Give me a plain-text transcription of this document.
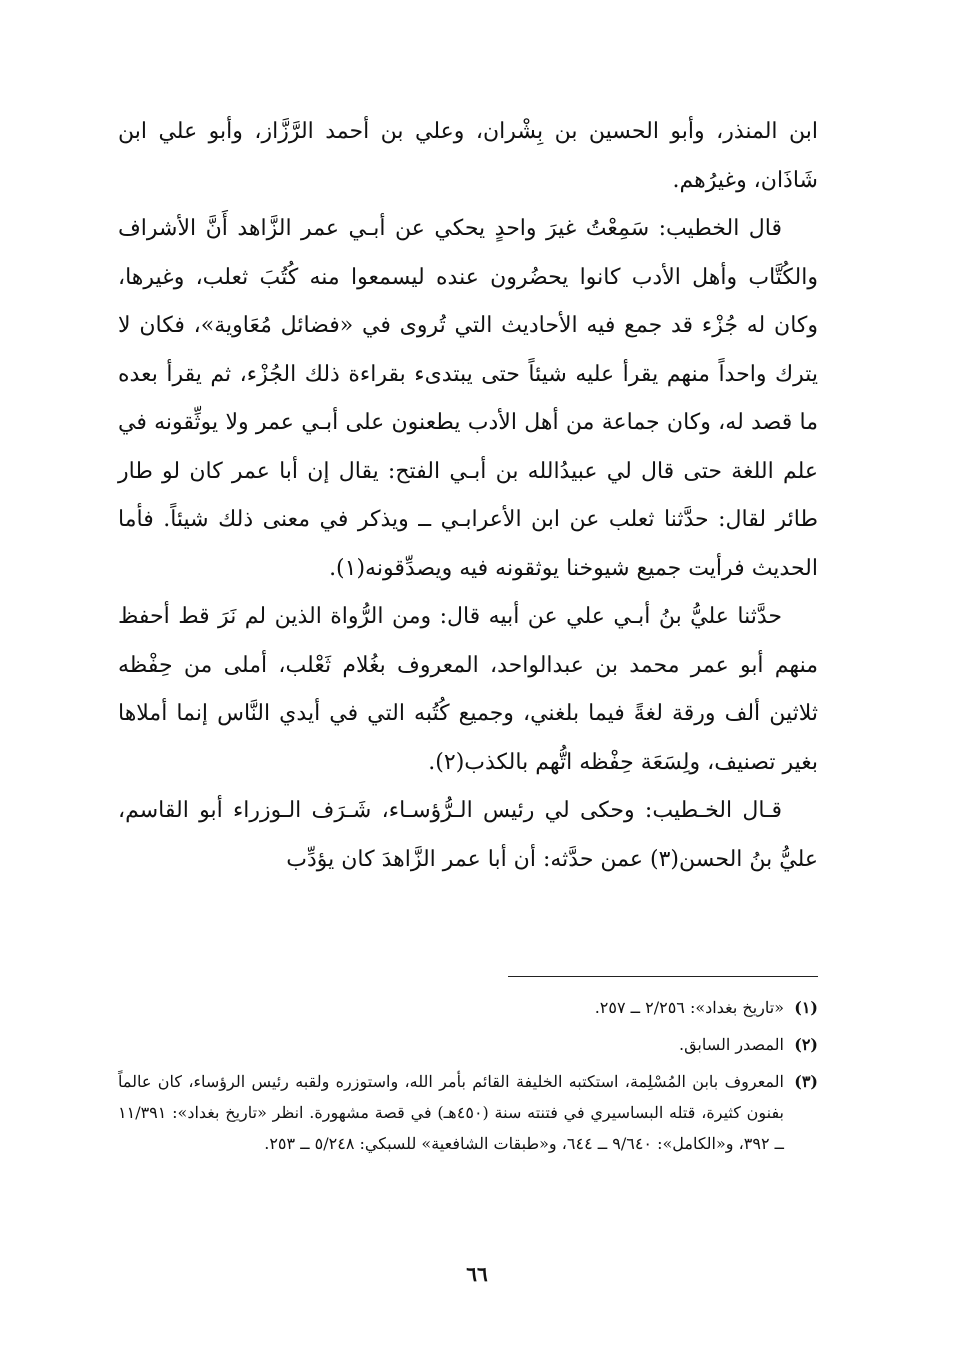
ابن المنذر، وأبو الحسين بن بِشْران، وعلي بن أحمد الرَّزَّاز، وأبو علي ابن شَاذَان، وغيرُهم.

قال الخطيب: سَمِعْتُ غيرَ واحدٍ يحكي عن أبـي عمر الزَّاهد أَنَّ الأشراف والكُتَّاب وأهل الأدب كانوا يحضُرون عنده ليسمعوا منه كُتُبَ ثعلب، وغيرها، وكان له جُزْء قد جمع فيه الأحاديث التي تُروى في «فضائل مُعَاوية»، فكان لا يترك واحداً منهم يقرأ عليه شيئاً حتى يبتدىء بقراءة ذلك الجُزْء، ثم يقرأ بعده ما قصد له، وكان جماعة من أهل الأدب يطعنون على أبـي عمر ولا يوثِّقونه في علم اللغة حتى قال لي عبيدُالله بن أبـي الفتح: يقال إن أبا عمر كان لو طار طائر لقال: حدَّثنا ثعلب عن ابن الأعرابـي ــ ويذكر في معنى ذلك شيئاً. فأما الحديث فرأيت جميع شيوخنا يوثقونه فيه ويصدِّقونه(١).

حدَّثنا عليُّ بنُ أبـي علي عن أبيه قال: ومن الرُّواة الذين لم نَرَ قط أحفظ منهم أبو عمر محمد بن عبدالواحد، المعروف بغُلام ثَعْلب، أملى من حِفْظه ثلاثين ألف ورقة لغةً فيما بلغني، وجميع كُتُبه التي في أيدي النَّاس إنما أملاها بغير تصنيف، ولِسَعَة حِفْظه اتُّهم بالكذب(٢).

قـال الخـطيب: وحكى لي رئيس الـرُّؤسـاء، شَـرَف الـوزراء أبو القاسم، عليُّ بنُ الحسن(٣) عمن حدَّثه: أن أبا عمر الزَّاهدَ كان يؤدِّب

(١)
«تاريخ بغداد»: ٢/٢٥٦ ــ ٢٥٧.
(٢)
المصدر السابق.
(٣)
المعروف بابن المُسْلِمة، استكتبه الخليفة القائم بأمر الله، واستوزره ولقبه رئيس الرؤساء، كان عالماً بفنون كثيرة، قتله البساسيري في فتنته سنة (٤٥٠هـ) في قصة مشهورة. انظر «تاريخ بغداد»: ١١/٣٩١ ــ ٣٩٢، و«الكامل»: ٩/٦٤٠ ــ ٦٤٤، و«طبقات الشافعية» للسبكي: ٥/٢٤٨ ــ ٢٥٣.
٦٦
